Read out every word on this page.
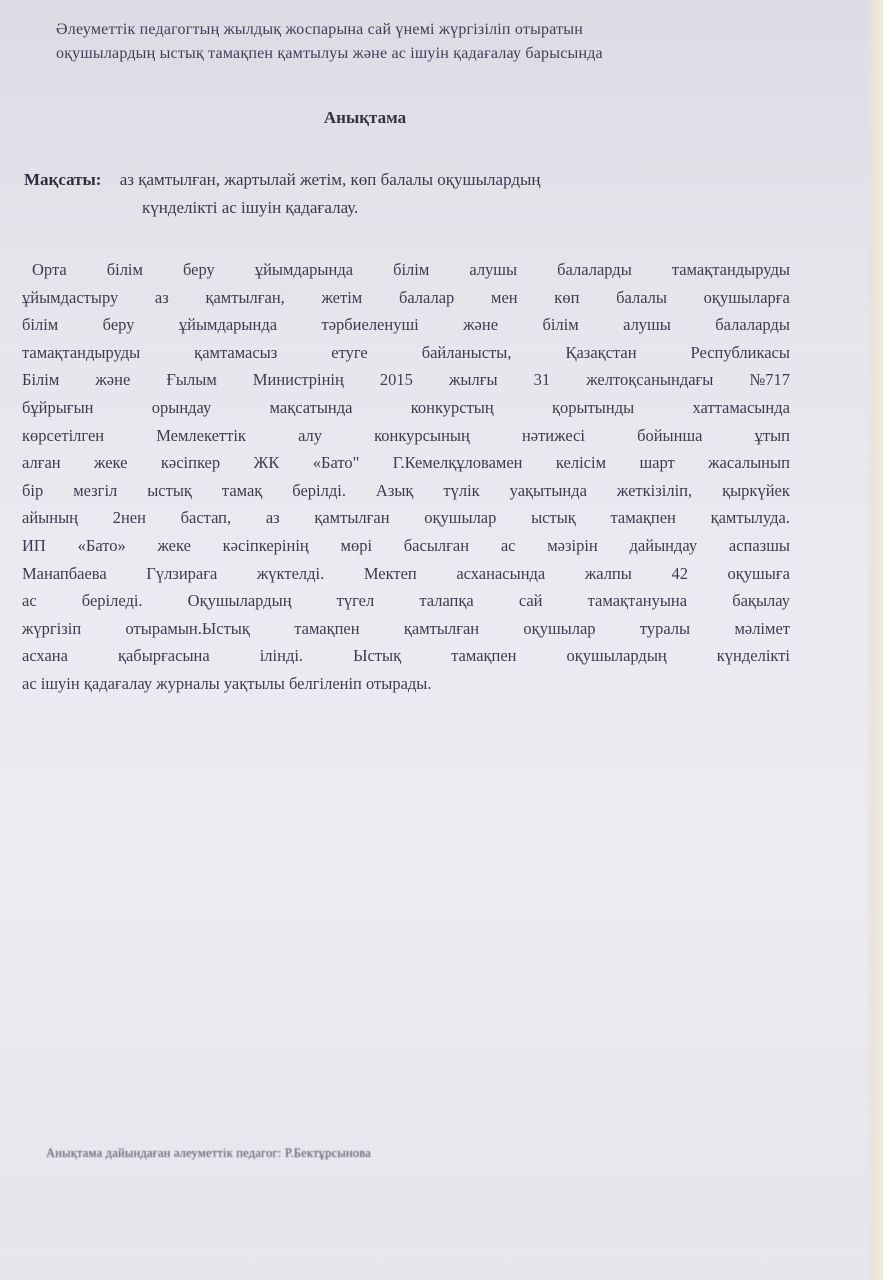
Әлеуметтік педагогтың жылдық жоспарына сай үнемі жүргізіліп отыратын
оқушылардың ыстық тамақпен қамтылуы және ас ішуін қадағалау барысында
Анықтама
Мақсаты: аз қамтылған, жартылай жетім, көп балалы оқушылардың
күнделікті ас ішуін қадағалау.
Орта білім беру ұйымдарында білім алушы балаларды тамақтандыруды
ұйымдастыру аз қамтылған, жетім балалар мен көп балалы оқушыларға
білім	беру	ұйымдарында	тәрбиеленуші	және	білім	алушы	балаларды
тамақтандыруды	қамтамасыз	етуге	байланысты,	Қазақстан	Республикасы
Білім және Ғылым Министрінің 2015 жылғы 31 желтоқсанындағы №717
бұйрығын	орындау	мақсатында	конкурстың	қорытынды	хаттамасында
көрсетілген	Мемлекеттік	алу	конкурсының	нәтижесі	бойынша	ұтып
алған жеке кәсіпкер ЖК «Бато" Г.Кемелқұловамен келісім шарт жасалынып
бір мезгіл ыстық тамақ берілді. Азық түлік уақытында жеткізіліп, қыркүйек
айының 2нен бастап, аз қамтылған оқушылар ыстық тамақпен қамтылуда.
ИП «Бато» жеке кәсіпкерінің мөрі басылған ас мәзірін дайындау аспазшы
Манапбаева Гүлзираға жүктелді. Мектеп асханасында жалпы 42 оқушыға
ас	беріледі.	Оқушылардың	түгел	талапқа	сай	тамақтануына	бақылау
жүргізіп	отырамын.Ыстық	тамақпен	қамтылған	оқушылар	туралы	мәлімет
асхана	қабырғасына	ілінді.	Ыстық	тамақпен	оқушылардың	күнделікті
ас ішуін қадағалау журналы уақтылы белгіленіп отырады.
Анықтама дайындаған әлеуметтік педагог: Р.Бектұрсынова
